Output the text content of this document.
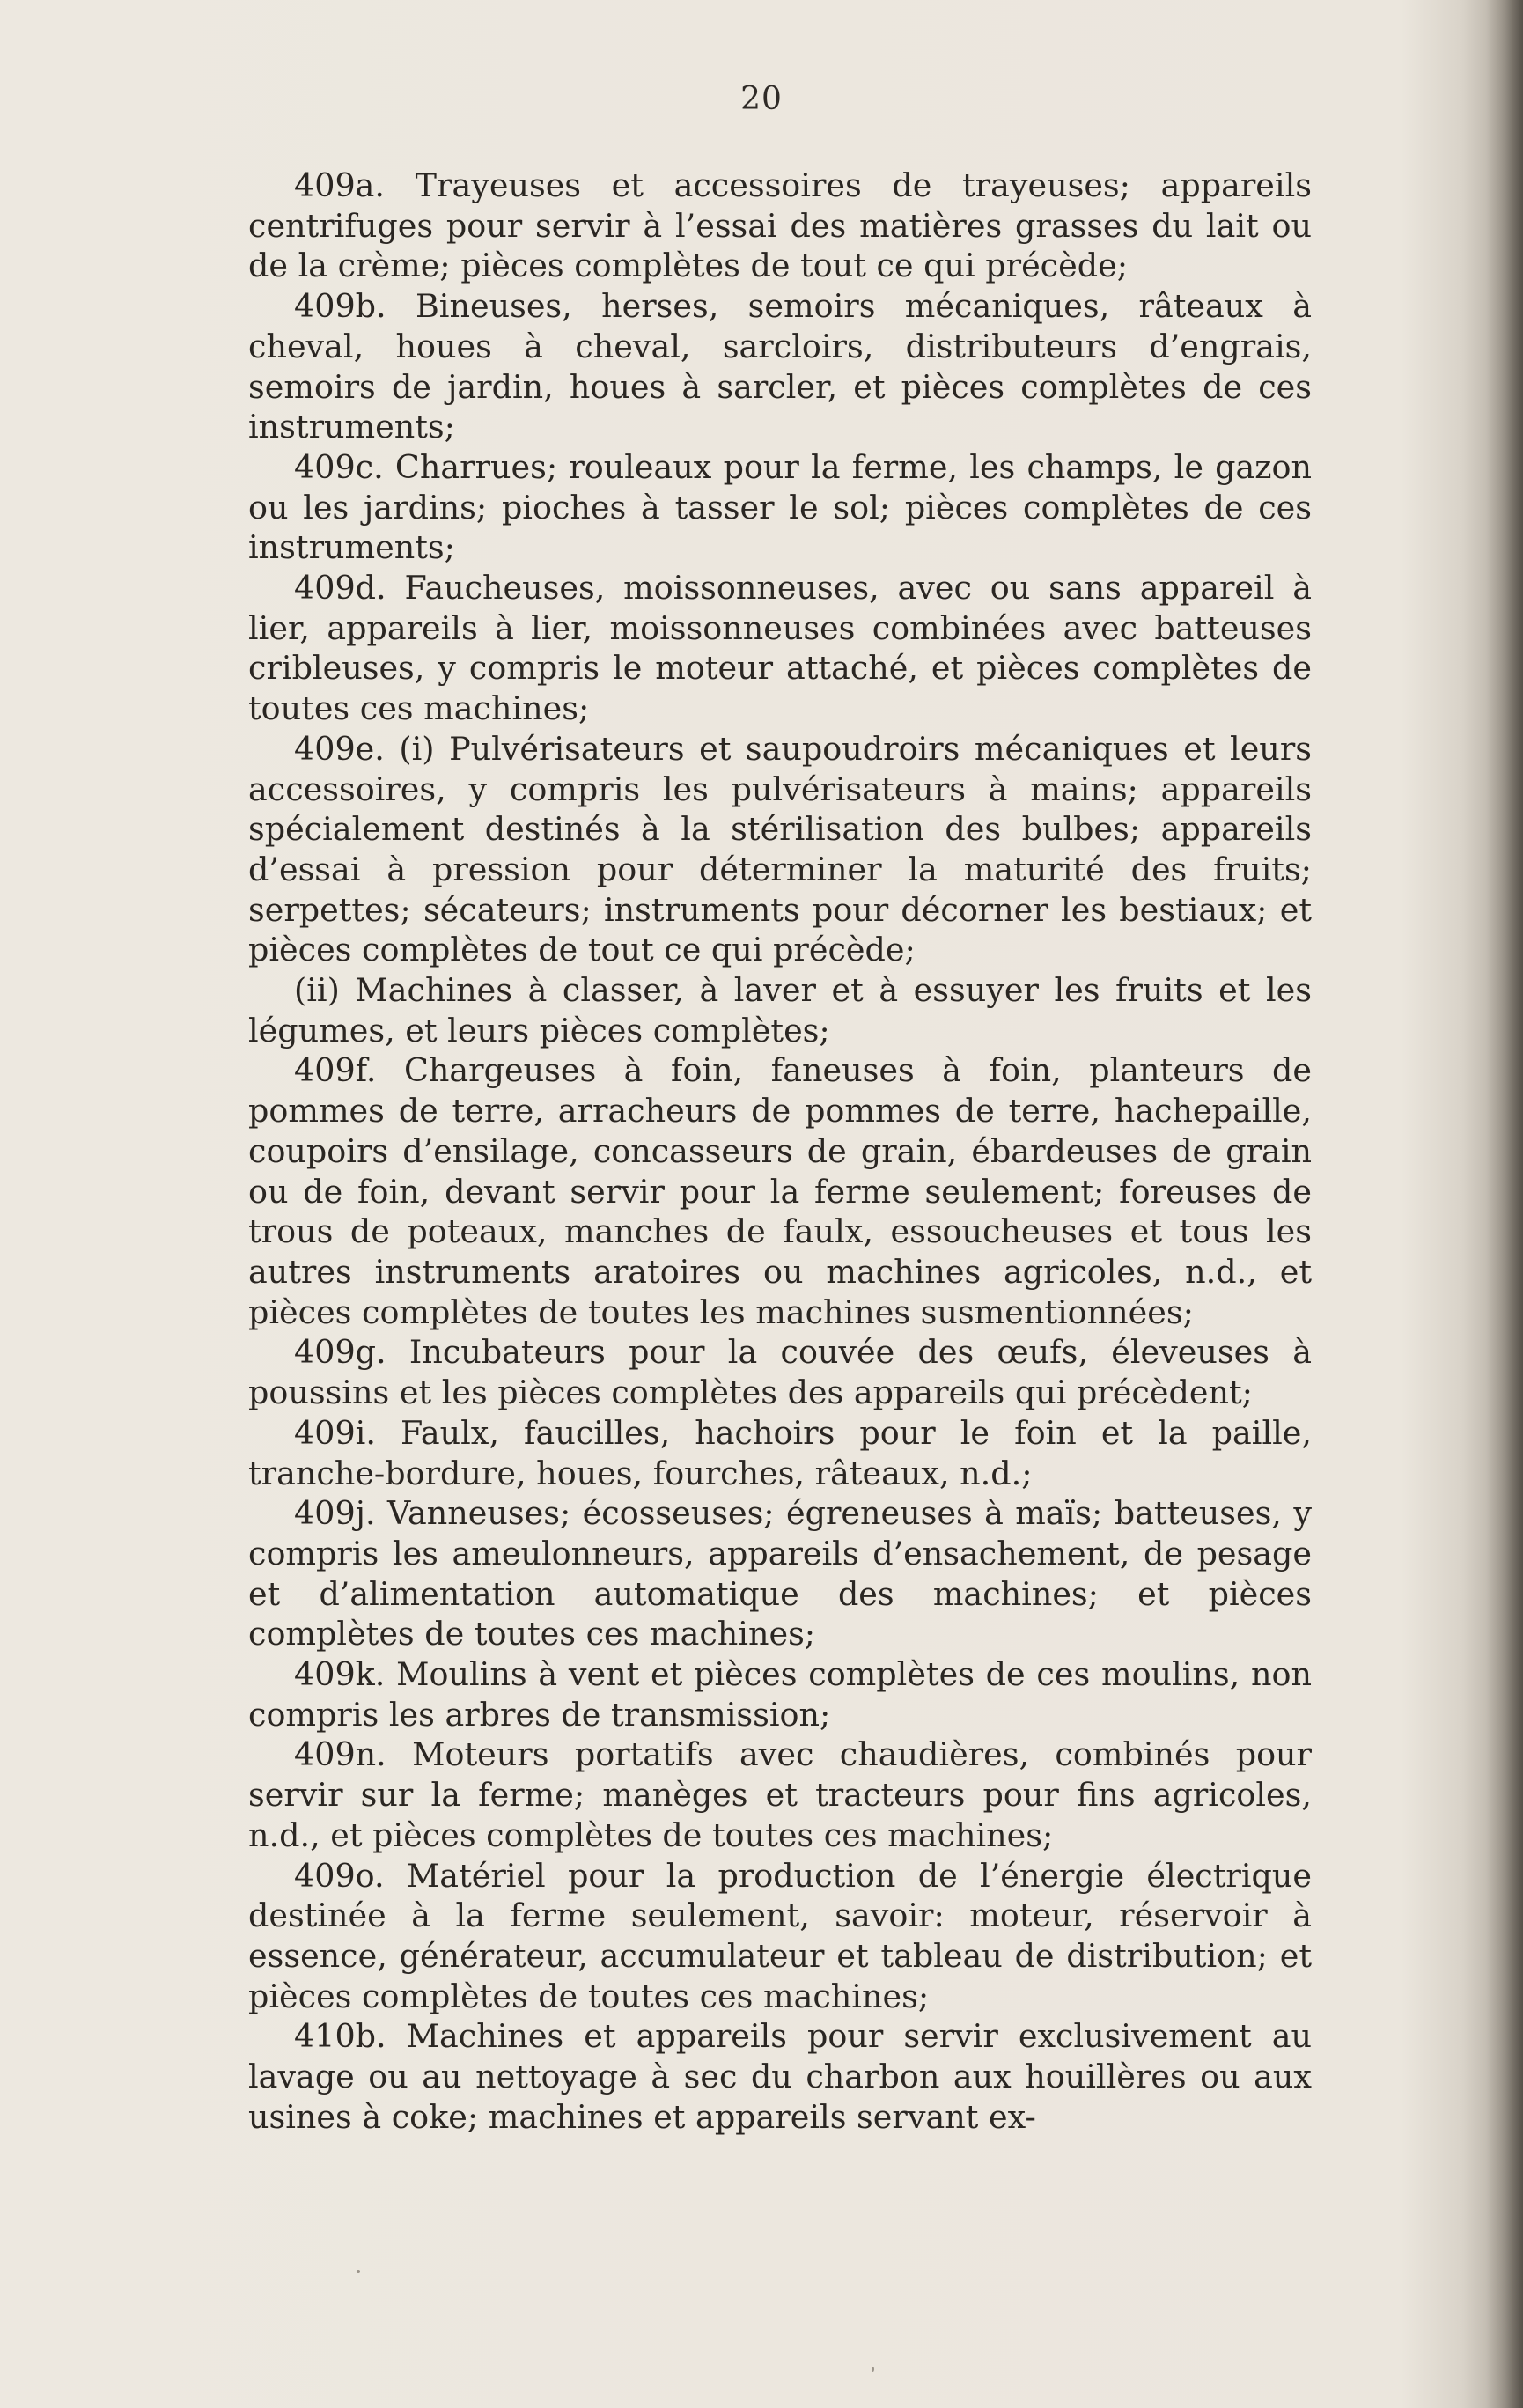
20

409a. Trayeuses et accessoires de trayeuses; appareils centrifuges pour servir à l’essai des matières grasses du lait ou de la crème; pièces complètes de tout ce qui précède;

409b. Bineuses, herses, semoirs mécaniques, râteaux à cheval, houes à cheval, sarcloirs, distributeurs d’engrais, semoirs de jardin, houes à sarcler, et pièces complètes de ces instruments;

409c. Charrues; rouleaux pour la ferme, les champs, le gazon ou les jardins; pioches à tasser le sol; pièces complètes de ces instruments;

409d. Faucheuses, moissonneuses, avec ou sans appareil à lier, appareils à lier, moissonneuses combinées avec batteuses cribleuses, y compris le moteur attaché, et pièces complètes de toutes ces machines;

409e. (i) Pulvérisateurs et saupoudroirs mécaniques et leurs accessoires, y compris les pulvérisateurs à mains; appareils spécialement destinés à la stérilisation des bulbes; appareils d’essai à pression pour déterminer la maturité des fruits; serpettes; sécateurs; instruments pour décorner les bestiaux; et pièces complètes de tout ce qui précède;

(ii) Machines à classer, à laver et à essuyer les fruits et les légumes, et leurs pièces complètes;

409f. Chargeuses à foin, faneuses à foin, planteurs de pommes de terre, arracheurs de pommes de terre, hachepaille, coupoirs d’ensilage, concasseurs de grain, ébardeuses de grain ou de foin, devant servir pour la ferme seulement; foreuses de trous de poteaux, manches de faulx, essoucheuses et tous les autres instruments aratoires ou machines agricoles, n.d., et pièces complètes de toutes les machines susmentionnées;

409g. Incubateurs pour la couvée des œufs, éleveuses à poussins et les pièces complètes des appareils qui précèdent;

409i. Faulx, faucilles, hachoirs pour le foin et la paille, tranche-bordure, houes, fourches, râteaux, n.d.;

409j. Vanneuses; écosseuses; égreneuses à maïs; batteuses, y compris les ameulonneurs, appareils d’ensachement, de pesage et d’alimentation automatique des machines; et pièces complètes de toutes ces machines;

409k. Moulins à vent et pièces complètes de ces moulins, non compris les arbres de transmission;

409n. Moteurs portatifs avec chaudières, combinés pour servir sur la ferme; manèges et tracteurs pour fins agricoles, n.d., et pièces complètes de toutes ces machines;

409o. Matériel pour la production de l’énergie électrique destinée à la ferme seulement, savoir: moteur, réservoir à essence, générateur, accumulateur et tableau de distribution; et pièces complètes de toutes ces machines;

410b. Machines et appareils pour servir exclusivement au lavage ou au nettoyage à sec du charbon aux houillères ou aux usines à coke; machines et appareils servant ex-
